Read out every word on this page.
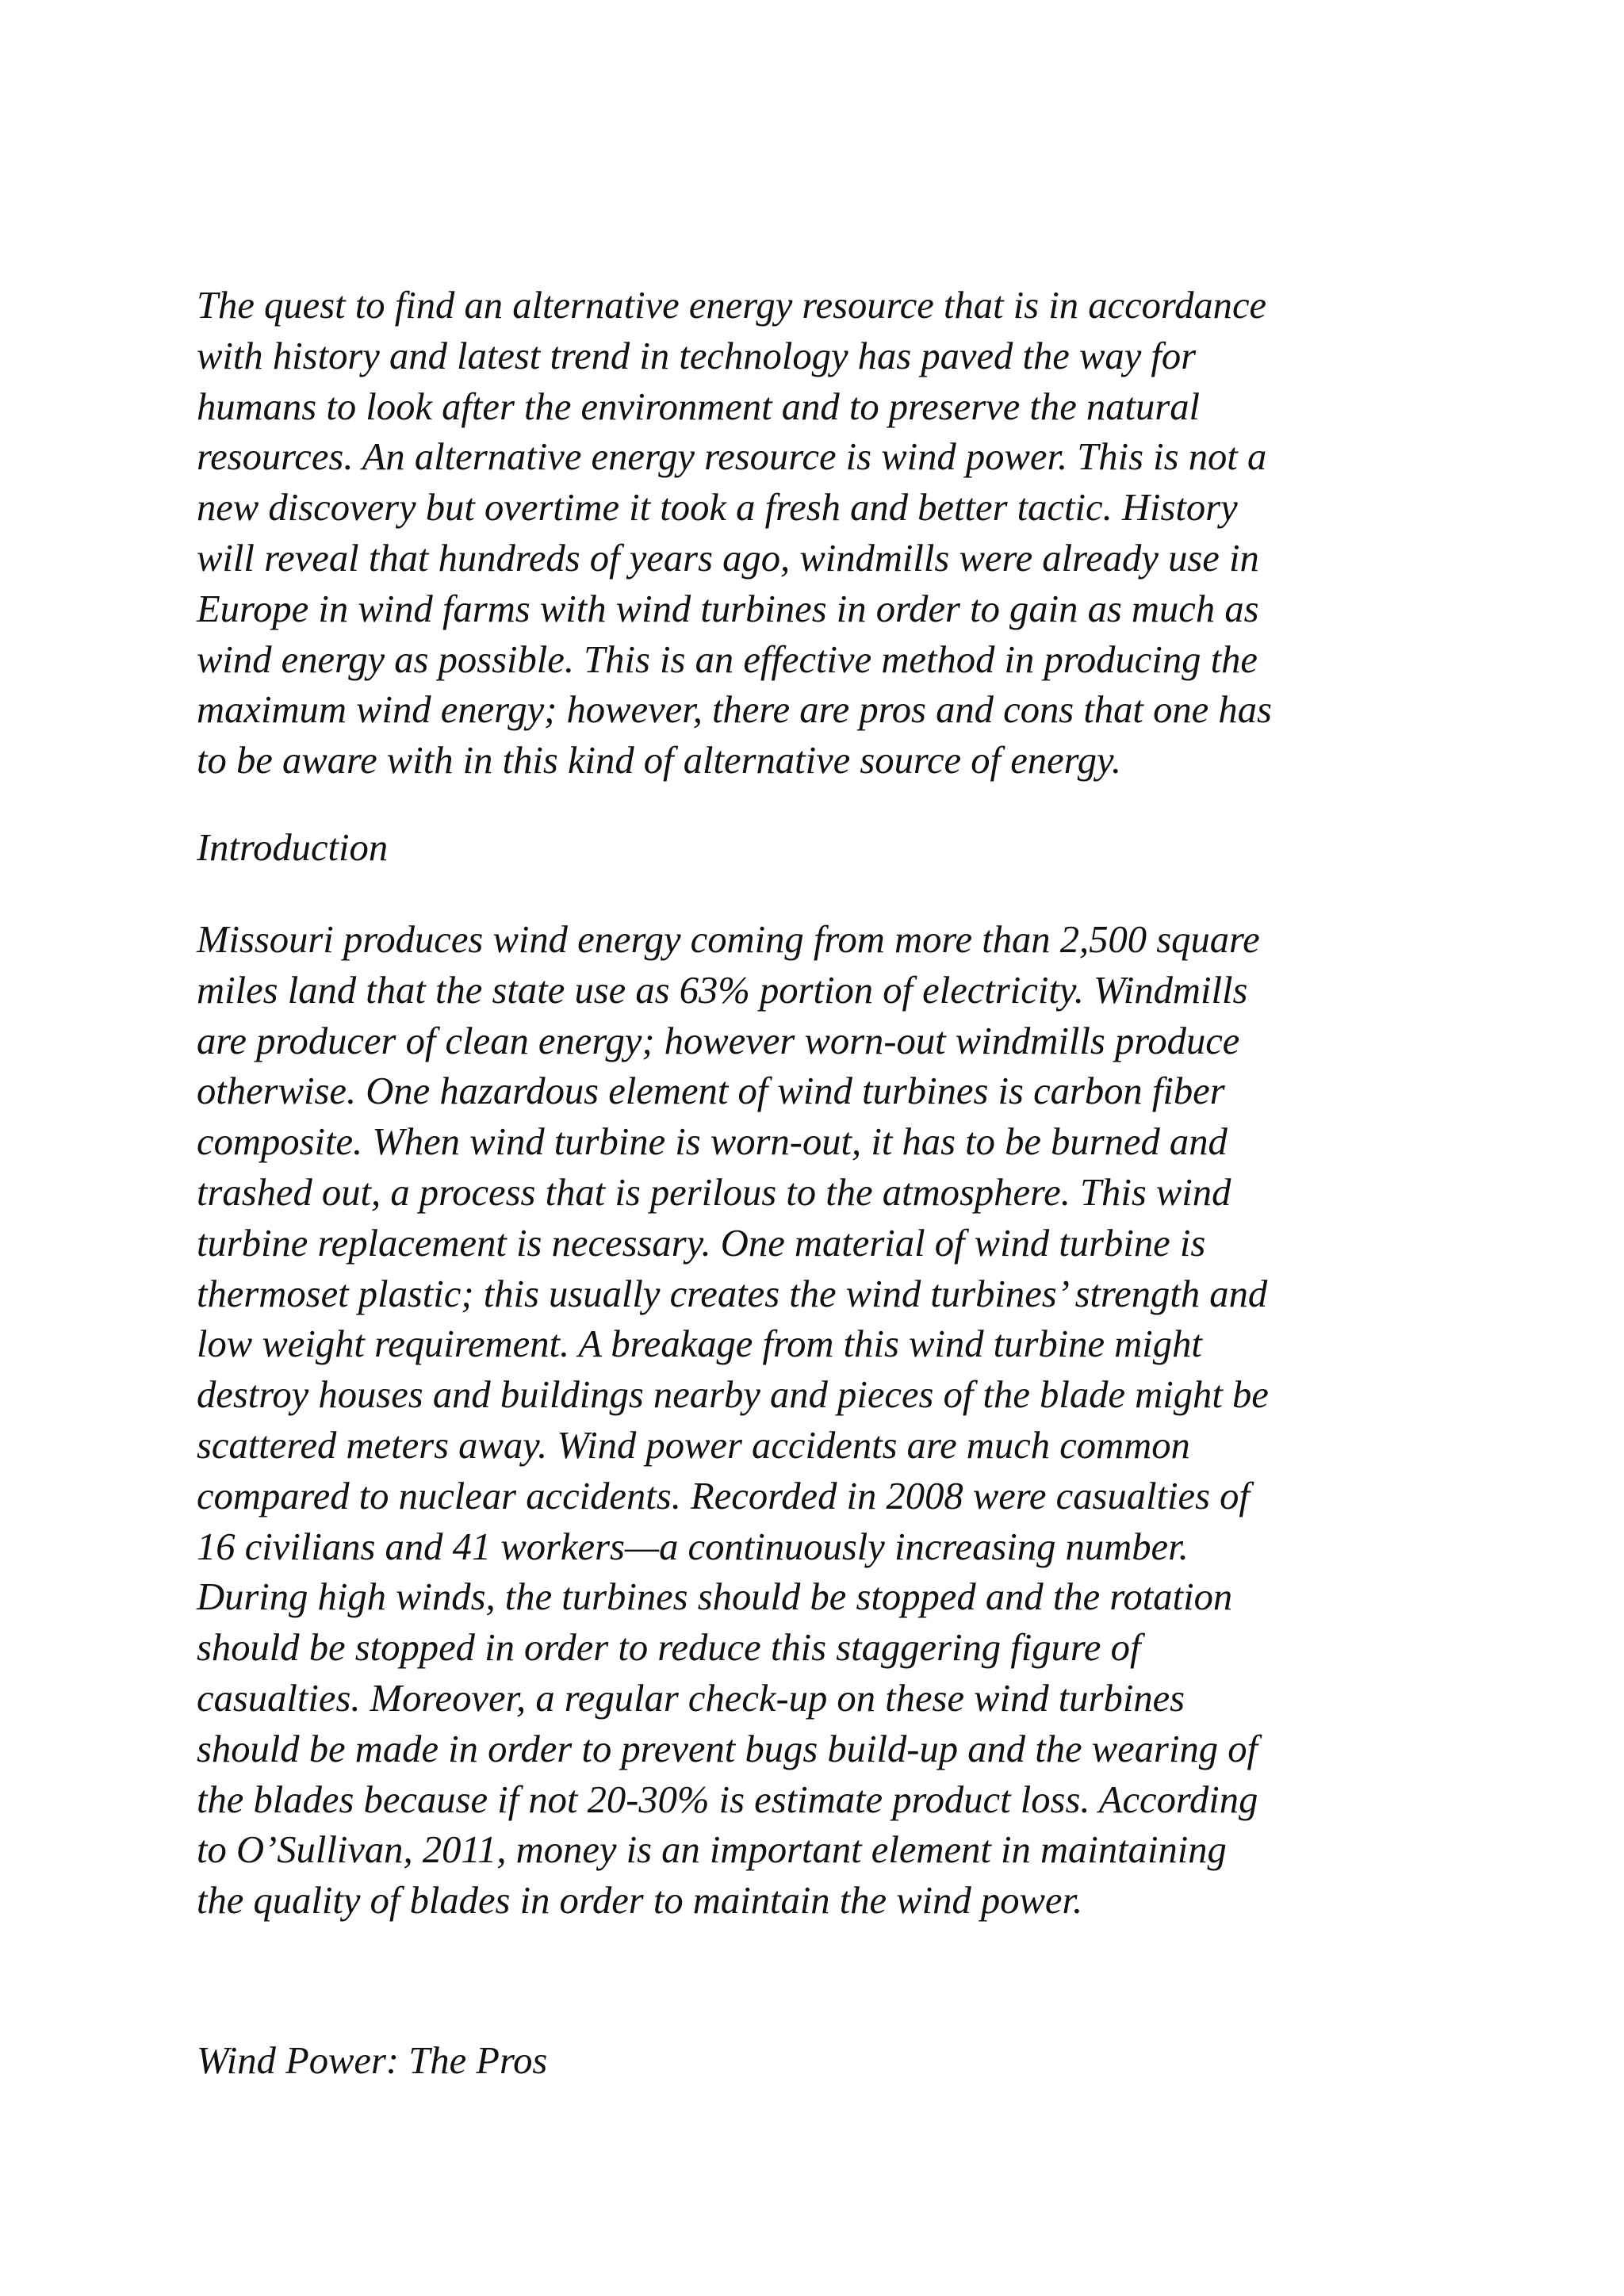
The quest to find an alternative energy resource that is in accordance
with history and latest trend in technology has paved the way for
humans to look after the environment and to preserve the natural
resources. An alternative energy resource is wind power. This is not a
new discovery but overtime it took a fresh and better tactic. History
will reveal that hundreds of years ago, windmills were already use in
Europe in wind farms with wind turbines in order to gain as much as
wind energy as possible. This is an effective method in producing the
maximum wind energy; however, there are pros and cons that one has
to be aware with in this kind of alternative source of energy.

Introduction

Missouri produces wind energy coming from more than 2,500 square
miles land that the state use as 63% portion of electricity. Windmills
are producer of clean energy; however worn-out windmills produce
otherwise. One hazardous element of wind turbines is carbon fiber
composite. When wind turbine is worn-out, it has to be burned and
trashed out, a process that is perilous to the atmosphere. This wind
turbine replacement is necessary. One material of wind turbine is
thermoset plastic; this usually creates the wind turbines’ strength and
low weight requirement. A breakage from this wind turbine might
destroy houses and buildings nearby and pieces of the blade might be
scattered meters away. Wind power accidents are much common
compared to nuclear accidents. Recorded in 2008 were casualties of
16 civilians and 41 workers—a continuously increasing number.
During high winds, the turbines should be stopped and the rotation
should be stopped in order to reduce this staggering figure of
casualties. Moreover, a regular check-up on these wind turbines
should be made in order to prevent bugs build-up and the wearing of
the blades because if not 20-30% is estimate product loss. According
to O’Sullivan, 2011, money is an important element in maintaining
the quality of blades in order to maintain the wind power.

Wind Power: The Pros
